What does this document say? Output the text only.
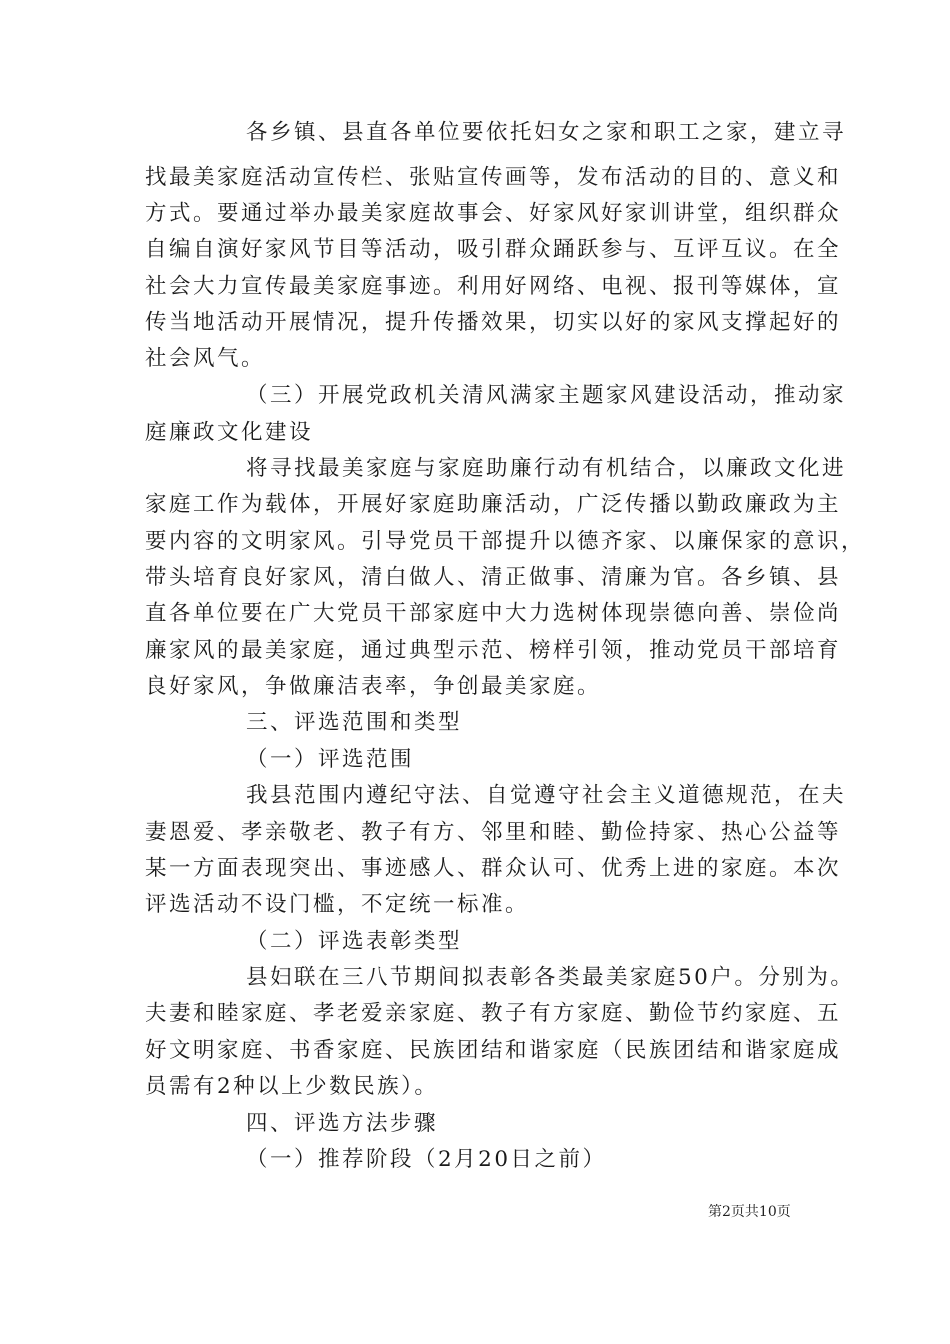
各乡镇、县直各单位要依托妇女之家和职工之家，建立寻
找最美家庭活动宣传栏、张贴宣传画等，发布活动的目的、意义和
方式。要通过举办最美家庭故事会、好家风好家训讲堂，组织群众
自编自演好家风节目等活动，吸引群众踊跃参与、互评互议。在全
社会大力宣传最美家庭事迹。利用好网络、电视、报刊等媒体，宣
传当地活动开展情况，提升传播效果，切实以好的家风支撑起好的
社会风气。
（三）开展党政机关清风满家主题家风建设活动，推动家
庭廉政文化建设
将寻找最美家庭与家庭助廉行动有机结合，以廉政文化进
家庭工作为载体，开展好家庭助廉活动，广泛传播以勤政廉政为主
要内容的文明家风。引导党员干部提升以德齐家、以廉保家的意识，
带头培育良好家风，清白做人、清正做事、清廉为官。各乡镇、县
直各单位要在广大党员干部家庭中大力选树体现崇德向善、崇俭尚
廉家风的最美家庭，通过典型示范、榜样引领，推动党员干部培育
良好家风，争做廉洁表率，争创最美家庭。
三、评选范围和类型
（一）评选范围
我县范围内遵纪守法、自觉遵守社会主义道德规范，在夫
妻恩爱、孝亲敬老、教子有方、邻里和睦、勤俭持家、热心公益等
某一方面表现突出、事迹感人、群众认可、优秀上进的家庭。本次
评选活动不设门槛，不定统一标准。
（二）评选表彰类型
县妇联在三八节期间拟表彰各类最美家庭50户。分别为。
夫妻和睦家庭、孝老爱亲家庭、教子有方家庭、勤俭节约家庭、五
好文明家庭、书香家庭、民族团结和谐家庭（民族团结和谐家庭成
员需有2种以上少数民族）。
四、评选方法步骤
（一）推荐阶段（2月20日之前）
第2页共10页
